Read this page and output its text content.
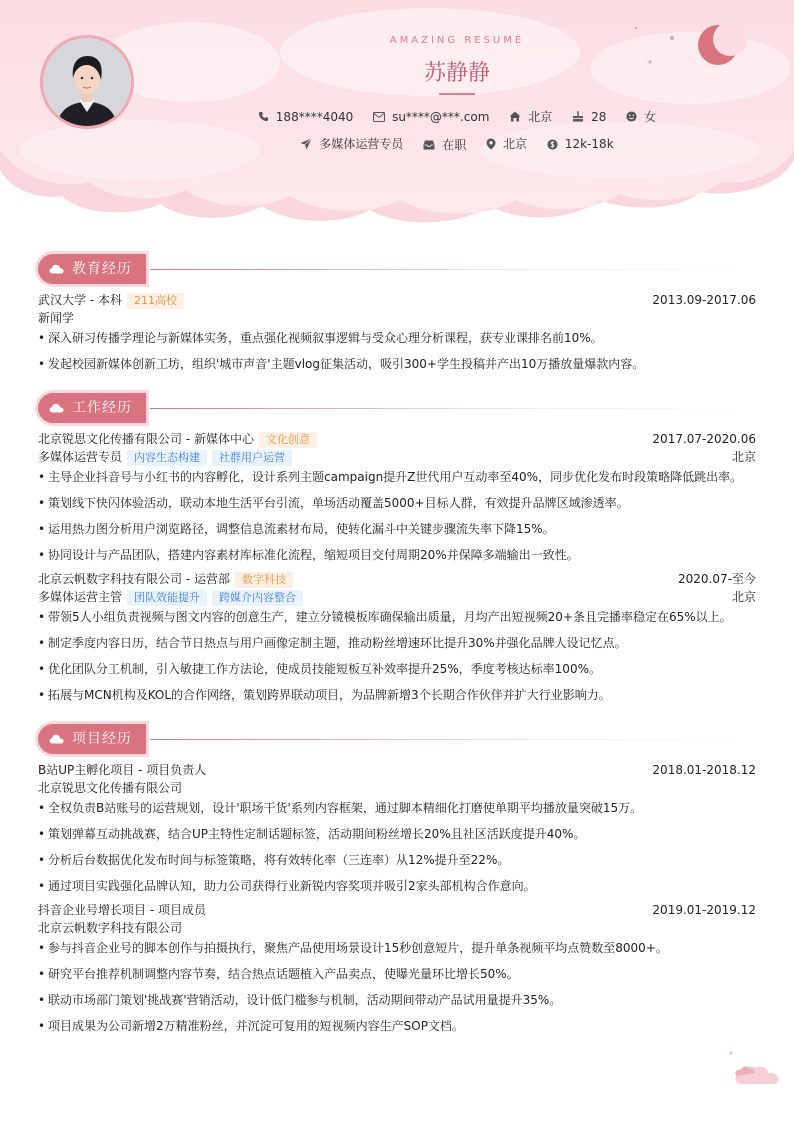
AMAZING RESUME
苏静静
188****4040
	su****@***.com
	北京
	28
	女
多媒体运营专员
	在职
	北京
	12k-18k
教育经历
武汉大学 - 本科 211高校	2013.09-2017.06
新闻学
• 深入研习传播学理论与新媒体实务，重点强化视频叙事逻辑与受众心理分析课程，获专业课排名前10%。
• 发起校园新媒体创新工坊，组织'城市声音'主题vlog征集活动，吸引300+学生投稿并产出10万播放量爆款内容。
工作经历
北京锐思文化传播有限公司 - 新媒体中心 文化创意	2017.07-2020.06
多媒体运营专员 内容生态构建 社群用户运营	北京
• 主导企业抖音号与小红书的内容孵化，设计系列主题campaign提升Z世代用户互动率至40%，同步优化发布时段策略降低跳出率。
• 策划线下快闪体验活动，联动本地生活平台引流，单场活动覆盖5000+目标人群，有效提升品牌区域渗透率。
• 运用热力图分析用户浏览路径，调整信息流素材布局，使转化漏斗中关键步骤流失率下降15%。
• 协同设计与产品团队，搭建内容素材库标准化流程，缩短项目交付周期20%并保障多端输出一致性。
北京云帆数字科技有限公司 - 运营部 数字科技	2020.07-至今
多媒体运营主管 团队效能提升 跨媒介内容整合	北京
• 带领5人小组负责视频与图文内容的创意生产，建立分镜模板库确保输出质量，月均产出短视频20+条且完播率稳定在65%以上。
• 制定季度内容日历，结合节日热点与用户画像定制主题，推动粉丝增速环比提升30%并强化品牌人设记忆点。
• 优化团队分工机制，引入敏捷工作方法论，使成员技能短板互补效率提升25%，季度考核达标率100%。
• 拓展与MCN机构及KOL的合作网络，策划跨界联动项目，为品牌新增3个长期合作伙伴并扩大行业影响力。
项目经历
B站UP主孵化项目 - 项目负责人	2018.01-2018.12
北京锐思文化传播有限公司
• 全权负责B站账号的运营规划，设计'职场干货'系列内容框架，通过脚本精细化打磨使单期平均播放量突破15万。
• 策划弹幕互动挑战赛，结合UP主特性定制话题标签，活动期间粉丝增长20%且社区活跃度提升40%。
• 分析后台数据优化发布时间与标签策略，将有效转化率（三连率）从12%提升至22%。
• 通过项目实践强化品牌认知，助力公司获得行业新锐内容奖项并吸引2家头部机构合作意向。
抖音企业号增长项目 - 项目成员	2019.01-2019.12
北京云帆数字科技有限公司
• 参与抖音企业号的脚本创作与拍摄执行，聚焦产品使用场景设计15秒创意短片，提升单条视频平均点赞数至8000+。
• 研究平台推荐机制调整内容节奏，结合热点话题植入产品卖点，使曝光量环比增长50%。
• 联动市场部门策划'挑战赛'营销活动，设计低门槛参与机制，活动期间带动产品试用量提升35%。
• 项目成果为公司新增2万精准粉丝，并沉淀可复用的短视频内容生产SOP文档。
